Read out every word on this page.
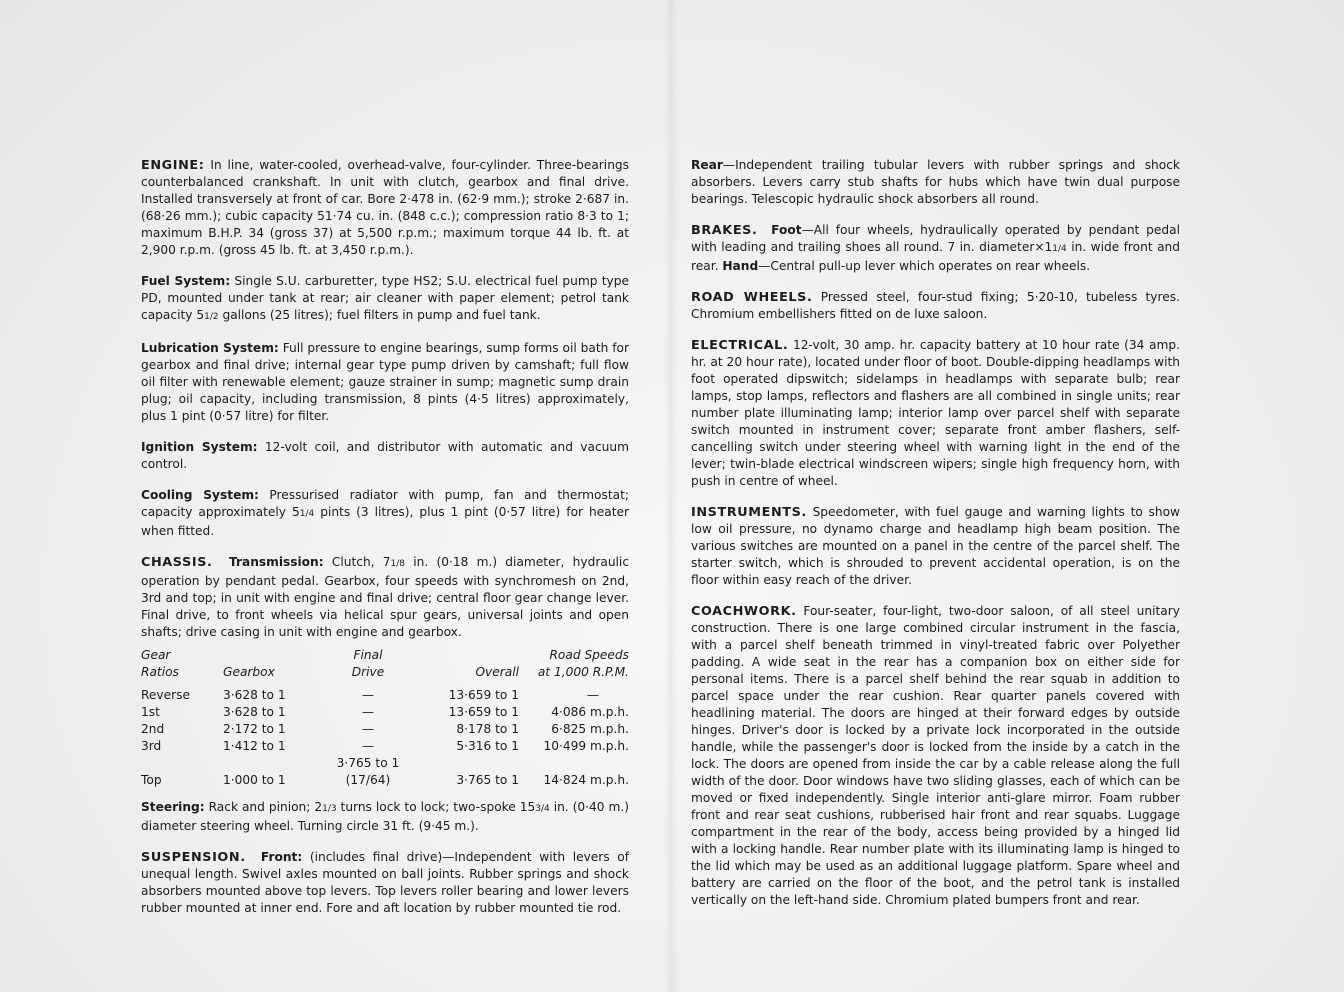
ENGINE: In line, water-cooled, overhead-valve, four-cylinder. Three-bearings counterbalanced crankshaft. In unit with clutch, gearbox and final drive. Installed transversely at front of car. Bore 2·478 in. (62·9 mm.); stroke 2·687 in. (68·26 mm.); cubic capacity 51·74 cu. in. (848 c.c.); compression ratio 8·3 to 1; maximum B.H.P. 34 (gross 37) at 5,500 r.p.m.; maximum torque 44 lb. ft. at 2,900 r.p.m. (gross 45 lb. ft. at 3,450 r.p.m.).

Fuel System: Single S.U. carburetter, type HS2; S.U. electrical fuel pump type PD, mounted under tank at rear; air cleaner with paper element; petrol tank capacity 51/2 gallons (25 litres); fuel filters in pump and fuel tank.

Lubrication System: Full pressure to engine bearings, sump forms oil bath for gearbox and final drive; internal gear type pump driven by camshaft; full flow oil filter with renewable element; gauze strainer in sump; magnetic sump drain plug; oil capacity, including transmission, 8 pints (4·5 litres) approximately, plus 1 pint (0·57 litre) for filter.

Ignition System: 12-volt coil, and distributor with automatic and vacuum control.

Cooling System: Pressurised radiator with pump, fan and thermostat; capacity approximately 51/4 pints (3 litres), plus 1 pint (0·57 litre) for heater when fitted.

CHASSIS. Transmission: Clutch, 71/8 in. (0·18 m.) diameter, hydraulic operation by pendant pedal. Gearbox, four speeds with synchromesh on 2nd, 3rd and top; in unit with engine and final drive; central floor gear change lever. Final drive, to front wheels via helical spur gears, universal joints and open shafts; drive casing in unit with engine and gearbox.

Gear		Final		Road Speeds
Ratios	Gearbox	Drive	Overall	at 1,000 R.P.M.

Reverse	3·628 to 1	—	13·659 to 1	—
1st	3·628 to 1	—	13·659 to 1	4·086 m.p.h.
2nd	2·172 to 1	—	8·178 to 1	6·825 m.p.h.
3rd	1·412 to 1	—	5·316 to 1	10·499 m.p.h.
Top	1·000 to 1	3·765 to 1 (17/64)	3·765 to 1	14·824 m.p.h.

Steering: Rack and pinion; 21/3 turns lock to lock; two-spoke 153/4 in. (0·40 m.) diameter steering wheel. Turning circle 31 ft. (9·45 m.).

SUSPENSION. Front: (includes final drive)—Independent with levers of unequal length. Swivel axles mounted on ball joints. Rubber springs and shock absorbers mounted above top levers. Top levers roller bearing and lower levers rubber mounted at inner end. Fore and aft location by rubber mounted tie rod.

Rear—Independent trailing tubular levers with rubber springs and shock absorbers. Levers carry stub shafts for hubs which have twin dual purpose bearings. Telescopic hydraulic shock absorbers all round.

BRAKES. Foot—All four wheels, hydraulically operated by pendant pedal with leading and trailing shoes all round. 7 in. diameter×11/4 in. wide front and rear. Hand—Central pull-up lever which operates on rear wheels.

ROAD WHEELS. Pressed steel, four-stud fixing; 5·20-10, tubeless tyres. Chromium embellishers fitted on de luxe saloon.

ELECTRICAL. 12-volt, 30 amp. hr. capacity battery at 10 hour rate (34 amp. hr. at 20 hour rate), located under floor of boot. Double-dipping headlamps with foot operated dipswitch; sidelamps in headlamps with separate bulb; rear lamps, stop lamps, reflectors and flashers are all combined in single units; rear number plate illuminating lamp; interior lamp over parcel shelf with separate switch mounted in instrument cover; separate front amber flashers, self-cancelling switch under steering wheel with warning light in the end of the lever; twin-blade electrical windscreen wipers; single high frequency horn, with push in centre of wheel.

INSTRUMENTS. Speedometer, with fuel gauge and warning lights to show low oil pressure, no dynamo charge and headlamp high beam position. The various switches are mounted on a panel in the centre of the parcel shelf. The starter switch, which is shrouded to prevent accidental operation, is on the floor within easy reach of the driver.

COACHWORK. Four-seater, four-light, two-door saloon, of all steel unitary construction. There is one large combined circular instrument in the fascia, with a parcel shelf beneath trimmed in vinyl-treated fabric over Polyether padding. A wide seat in the rear has a companion box on either side for personal items. There is a parcel shelf behind the rear squab in addition to parcel space under the rear cushion. Rear quarter panels covered with headlining material. The doors are hinged at their forward edges by outside hinges. Driver's door is locked by a private lock incorporated in the outside handle, while the passenger's door is locked from the inside by a catch in the lock. The doors are opened from inside the car by a cable release along the full width of the door. Door windows have two sliding glasses, each of which can be moved or fixed independently. Single interior anti-glare mirror. Foam rubber front and rear seat cushions, rubberised hair front and rear squabs. Luggage compartment in the rear of the body, access being provided by a hinged lid with a locking handle. Rear number plate with its illuminating lamp is hinged to the lid which may be used as an additional luggage platform. Spare wheel and battery are carried on the floor of the boot, and the petrol tank is installed vertically on the left-hand side. Chromium plated bumpers front and rear.
